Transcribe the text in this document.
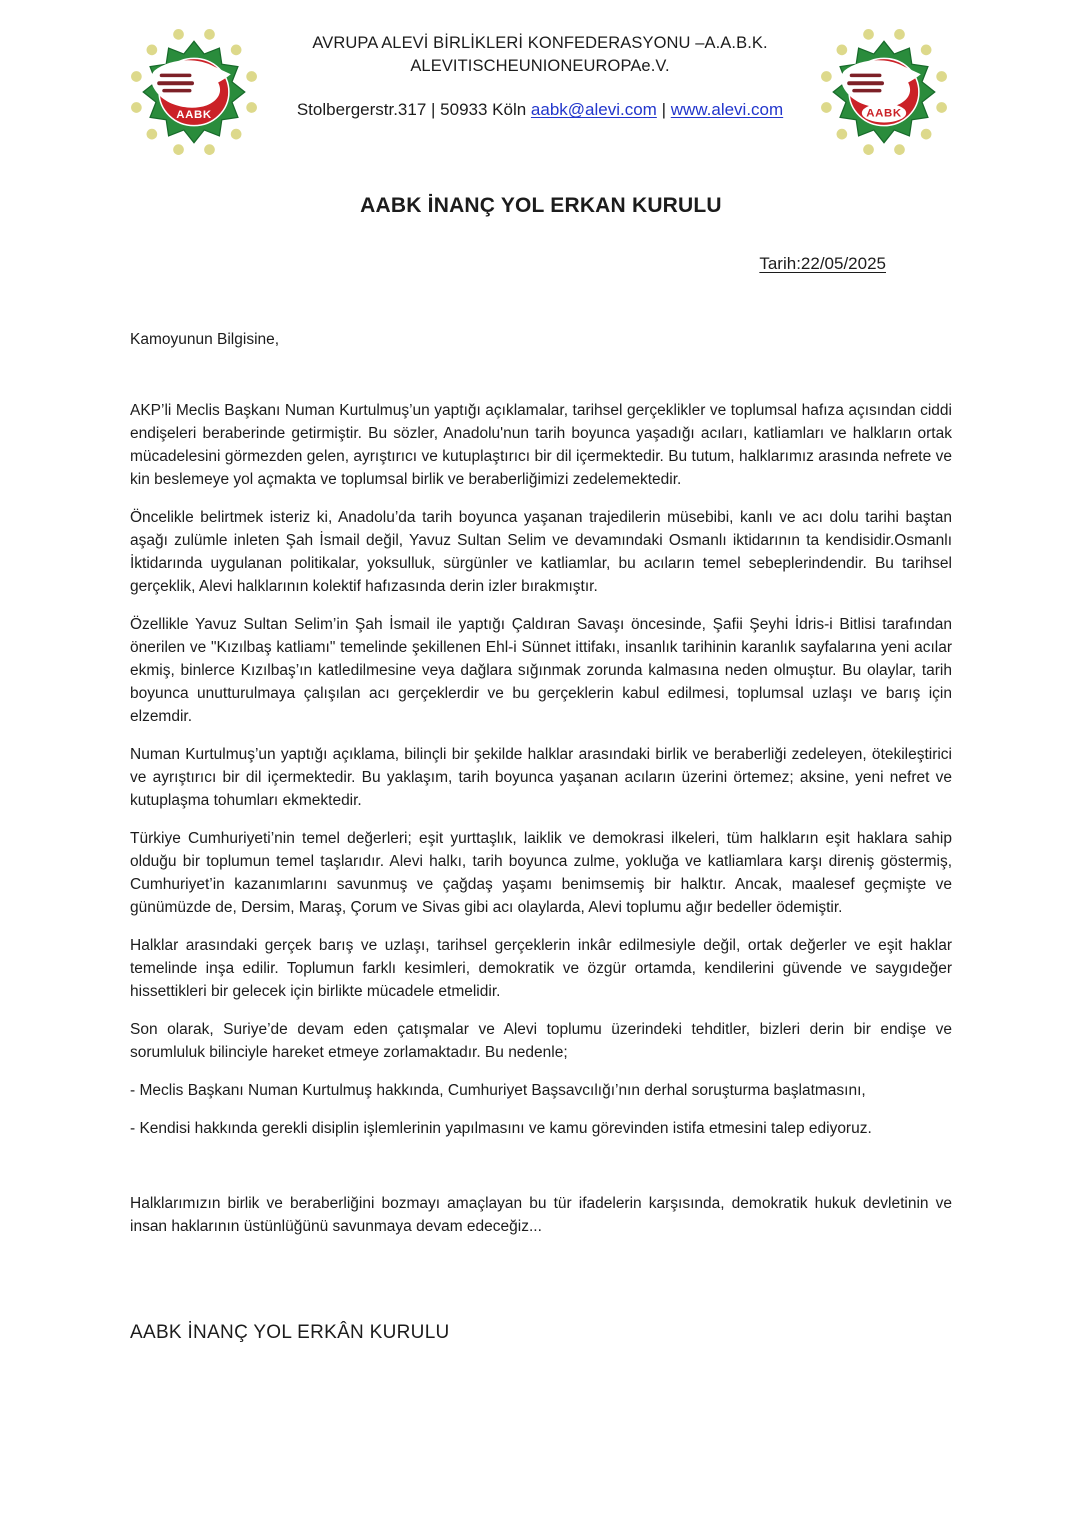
AABK
AVRUPA ALEVİ BİRLİKLERİ KONFEDERASYONU –A.A.B.K.
ALEVITISCHEUNIONEUROPAe.V.
Stolbergerstr.317 | 50933 Köln aabk@alevi.com | www.alevi.com	AABK
AABK İNANÇ YOL ERKAN KURULU
Tarih:22/05/2025

Kamoyunun Bilgisine,

AKP’li Meclis Başkanı Numan Kurtulmuş’un yaptığı açıklamalar, tarihsel gerçeklikler ve toplumsal hafıza açısından ciddi endişeleri beraberinde getirmiştir. Bu sözler, Anadolu'nun tarih boyunca yaşadığı acıları, katliamları ve halkların ortak mücadelesini görmezden gelen, ayrıştırıcı ve kutuplaştırıcı bir dil içermektedir. Bu tutum, halklarımız arasında nefrete ve kin beslemeye yol açmakta ve toplumsal birlik ve beraberliğimizi zedelemektedir.

Öncelikle belirtmek isteriz ki, Anadolu’da tarih boyunca yaşanan trajedilerin müsebibi, kanlı ve acı dolu tarihi baştan aşağı zulümle inleten Şah İsmail değil, Yavuz Sultan Selim ve devamındaki Osmanlı iktidarının ta kendisidir.Osmanlı İktidarında uygulanan politikalar, yoksulluk, sürgünler ve katliamlar, bu acıların temel sebeplerindendir. Bu tarihsel gerçeklik, Alevi halklarının kolektif hafızasında derin izler bırakmıştır.

Özellikle Yavuz Sultan Selim’in Şah İsmail ile yaptığı Çaldıran Savaşı öncesinde, Şafii Şeyhi İdris-i Bitlisi tarafından önerilen ve "Kızılbaş katliamı" temelinde şekillenen Ehl-i Sünnet ittifakı, insanlık tarihinin karanlık sayfalarına yeni acılar ekmiş, binlerce Kızılbaş’ın katledilmesine veya dağlara sığınmak zorunda kalmasına neden olmuştur. Bu olaylar, tarih boyunca unutturulmaya çalışılan acı gerçeklerdir ve bu gerçeklerin kabul edilmesi, toplumsal uzlaşı ve barış için elzemdir.

Numan Kurtulmuş’un yaptığı açıklama, bilinçli bir şekilde halklar arasındaki birlik ve beraberliği zedeleyen, ötekileştirici ve ayrıştırıcı bir dil içermektedir. Bu yaklaşım, tarih boyunca yaşanan acıların üzerini örtemez; aksine, yeni nefret ve kutuplaşma tohumları ekmektedir.

Türkiye Cumhuriyeti’nin temel değerleri; eşit yurttaşlık, laiklik ve demokrasi ilkeleri, tüm halkların eşit haklara sahip olduğu bir toplumun temel taşlarıdır. Alevi halkı, tarih boyunca zulme, yokluğa ve katliamlara karşı direniş göstermiş, Cumhuriyet’in kazanımlarını savunmuş ve çağdaş yaşamı benimsemiş bir halktır. Ancak, maalesef geçmişte ve günümüzde de, Dersim, Maraş, Çorum ve Sivas gibi acı olaylarda, Alevi toplumu ağır bedeller ödemiştir.

Halklar arasındaki gerçek barış ve uzlaşı, tarihsel gerçeklerin inkâr edilmesiyle değil, ortak değerler ve eşit haklar temelinde inşa edilir. Toplumun farklı kesimleri, demokratik ve özgür ortamda, kendilerini güvende ve saygıdeğer hissettikleri bir gelecek için birlikte mücadele etmelidir.

Son olarak, Suriye’de devam eden çatışmalar ve Alevi toplumu üzerindeki tehditler, bizleri derin bir endişe ve sorumluluk bilinciyle hareket etmeye zorlamaktadır. Bu nedenle;

- Meclis Başkanı Numan Kurtulmuş hakkında, Cumhuriyet Başsavcılığı’nın derhal soruşturma başlatmasını,

- Kendisi hakkında gerekli disiplin işlemlerinin yapılmasını ve kamu görevinden istifa etmesini talep ediyoruz.

Halklarımızın birlik ve beraberliğini bozmayı amaçlayan bu tür ifadelerin karşısında, demokratik hukuk devletinin ve insan haklarının üstünlüğünü savunmaya devam edeceğiz...

AABK İNANÇ YOL ERKÂN KURULU
